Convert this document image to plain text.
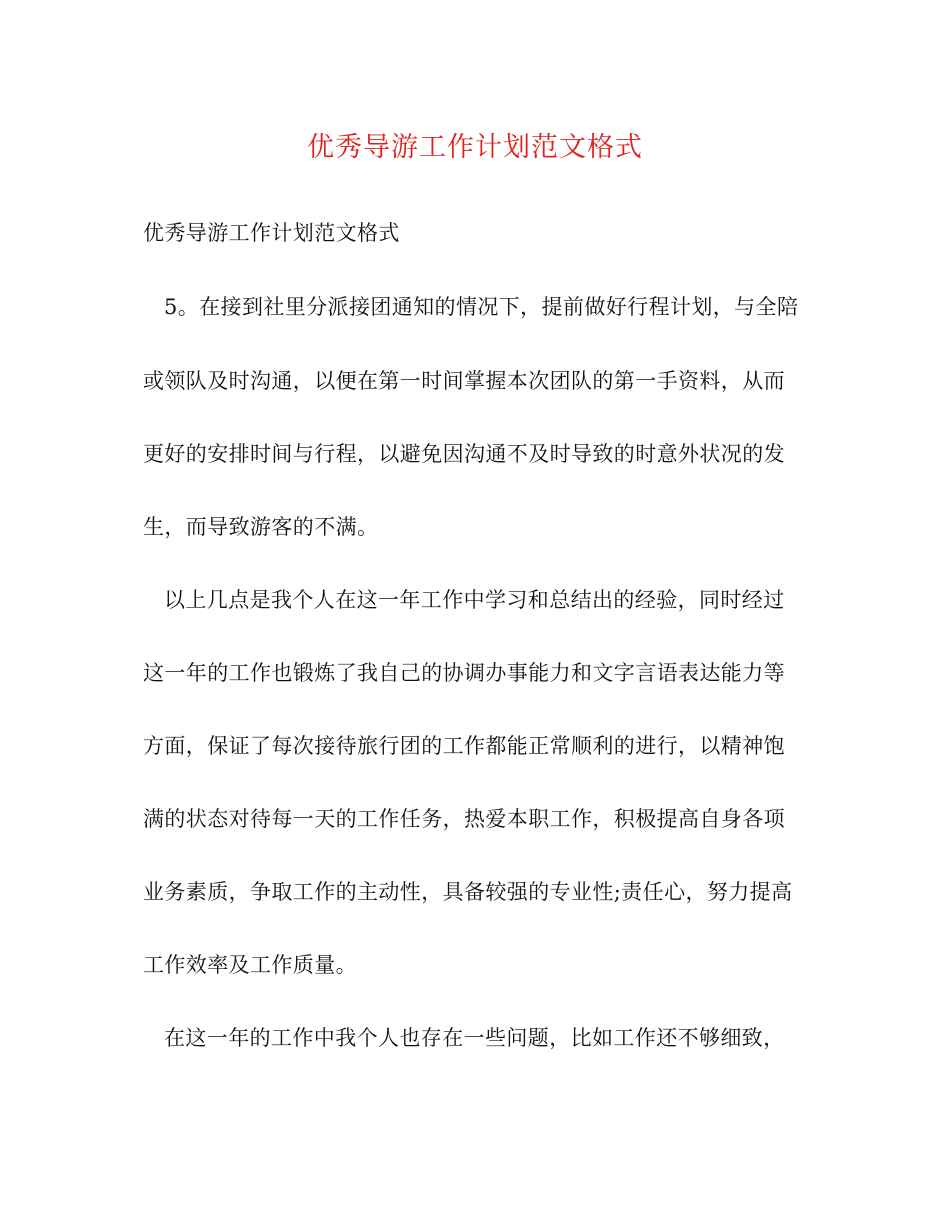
优秀导游工作计划范文格式
优秀导游工作计划范文格式
5。在接到社里分派接团通知的情况下，提前做好行程计划，与全陪
或领队及时沟通，以便在第一时间掌握本次团队的第一手资料，从而
更好的安排时间与行程，以避免因沟通不及时导致的时意外状况的发
生，而导致游客的不满。
以上几点是我个人在这一年工作中学习和总结出的经验，同时经过
这一年的工作也锻炼了我自己的协调办事能力和文字言语表达能力等
方面，保证了每次接待旅行团的工作都能正常顺利的进行，以精神饱
满的状态对待每一天的工作任务，热爱本职工作，积极提高自身各项
业务素质，争取工作的主动性，具备较强的专业性;责任心，努力提高
工作效率及工作质量。
在这一年的工作中我个人也存在一些问题，比如工作还不够细致，
